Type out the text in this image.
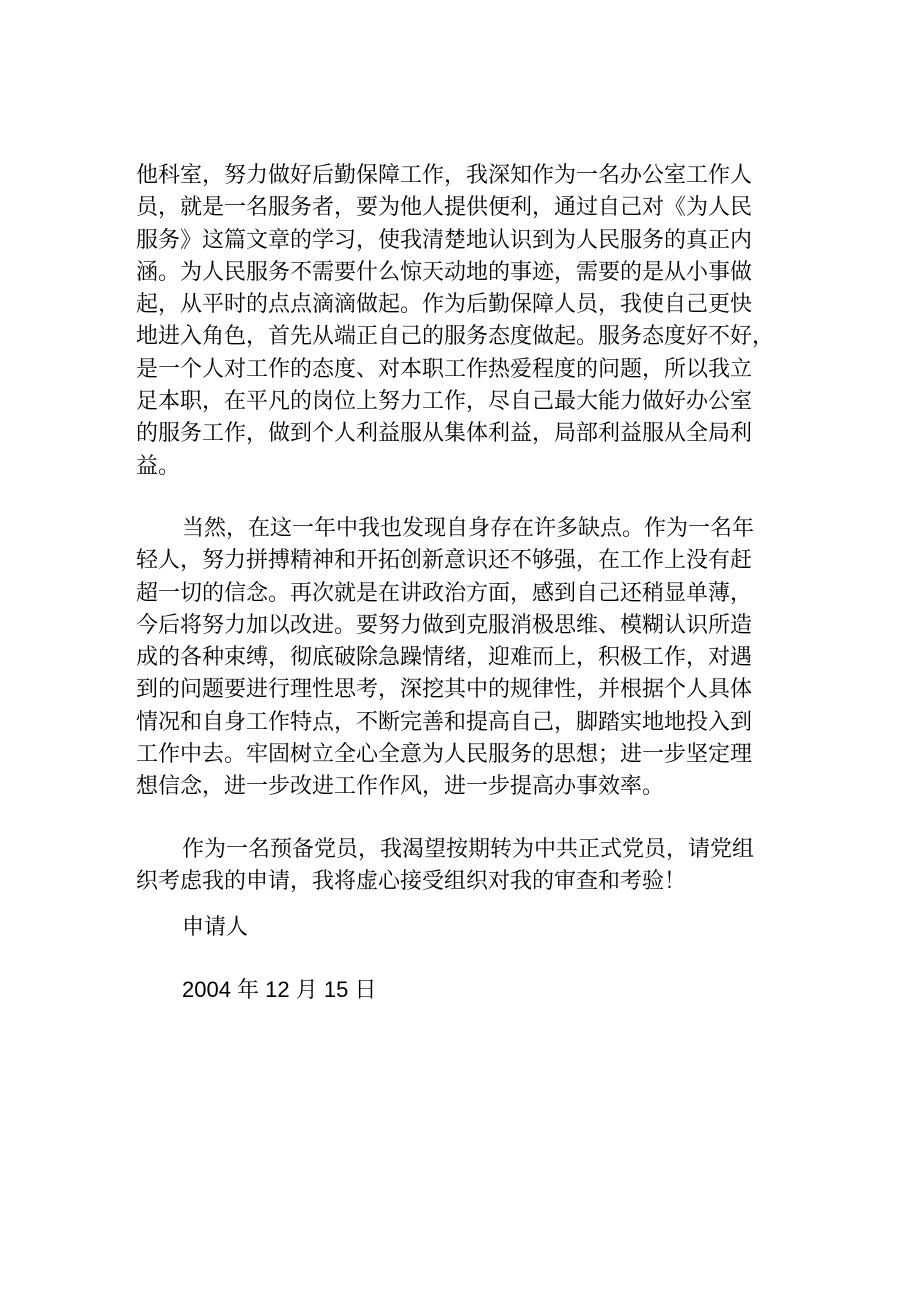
他科室，努力做好后勤保障工作，我深知作为一名办公室工作人
员，就是一名服务者，要为他人提供便利，通过自己对《为人民
服务》这篇文章的学习，使我清楚地认识到为人民服务的真正内
涵。为人民服务不需要什么惊天动地的事迹，需要的是从小事做
起，从平时的点点滴滴做起。作为后勤保障人员，我使自己更快
地进入角色，首先从端正自己的服务态度做起。服务态度好不好，
是一个人对工作的态度、对本职工作热爱程度的问题，所以我立
足本职，在平凡的岗位上努力工作，尽自己最大能力做好办公室
的服务工作，做到个人利益服从集体利益，局部利益服从全局利
益。
当然，在这一年中我也发现自身存在许多缺点。作为一名年
轻人，努力拼搏精神和开拓创新意识还不够强，在工作上没有赶
超一切的信念。再次就是在讲政治方面，感到自己还稍显单薄，
今后将努力加以改进。要努力做到克服消极思维、模糊认识所造
成的各种束缚，彻底破除急躁情绪，迎难而上，积极工作，对遇
到的问题要进行理性思考，深挖其中的规律性，并根据个人具体
情况和自身工作特点，不断完善和提高自己，脚踏实地地投入到
工作中去。牢固树立全心全意为人民服务的思想；进一步坚定理
想信念，进一步改进工作作风，进一步提高办事效率。
作为一名预备党员，我渴望按期转为中共正式党员，请党组
织考虑我的申请，我将虚心接受组织对我的审查和考验！
申请人
2004 年 12 月 15 日
